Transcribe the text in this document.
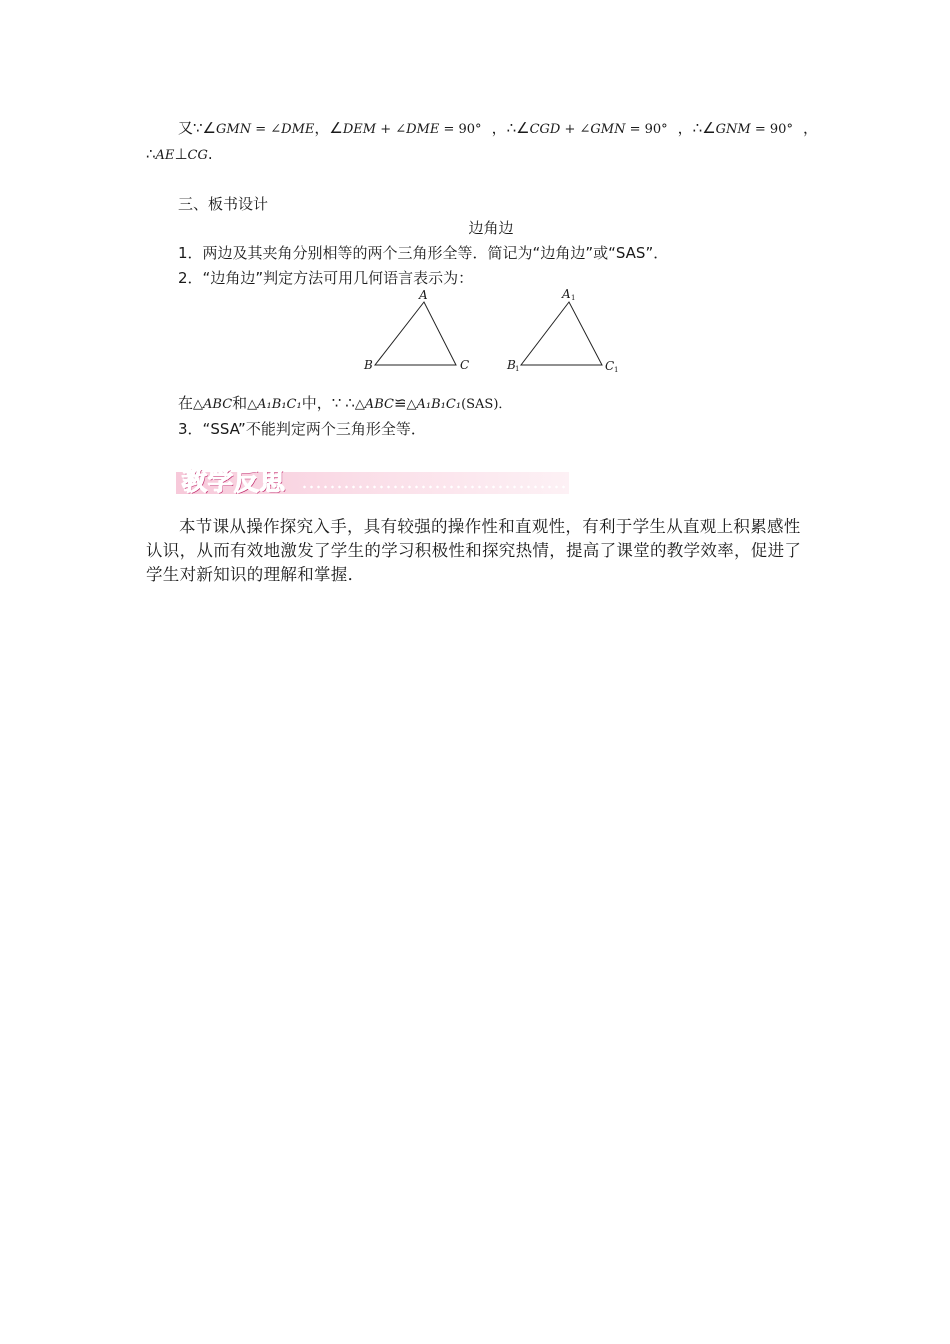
又∵∠GMN = ∠DME，∠DEM + ∠DME = 90° ，∴∠CGD + ∠GMN = 90° ，∴∠GNM = 90° ，
∴AE⊥CG.
三、板书设计
边角边
1．两边及其夹角分别相等的两个三角形全等．简记为“边角边”或“SAS”．
2．“边角边”判定方法可用几何语言表示为：
A
B	C
A 1
B 1	C 1
在△ABC和△A₁B₁C₁中，∵ ∴△ABC≌△A₁B₁C₁(SAS)．
3．“SSA”不能判定两个三角形全等．
教学反思
本节课从操作探究入手，具有较强的操作性和直观性，有利于学生从直观上积累感性认识，从而有效地激发了学生的学习积极性和探究热情，提高了课堂的教学效率，促进了学生对新知识的理解和掌握．
